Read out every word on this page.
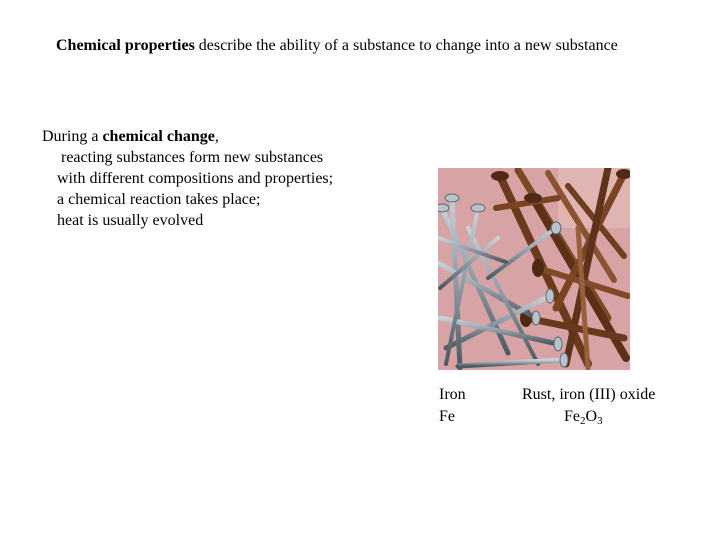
Chemical properties describe the ability of a substance to change into a new substance
During a chemical change,
reacting substances form new substances
with different compositions and properties;
a chemical reaction takes place;
heat is usually evolved
Iron
Fe
Rust, iron (III) oxide
$Fe_2O_3$
